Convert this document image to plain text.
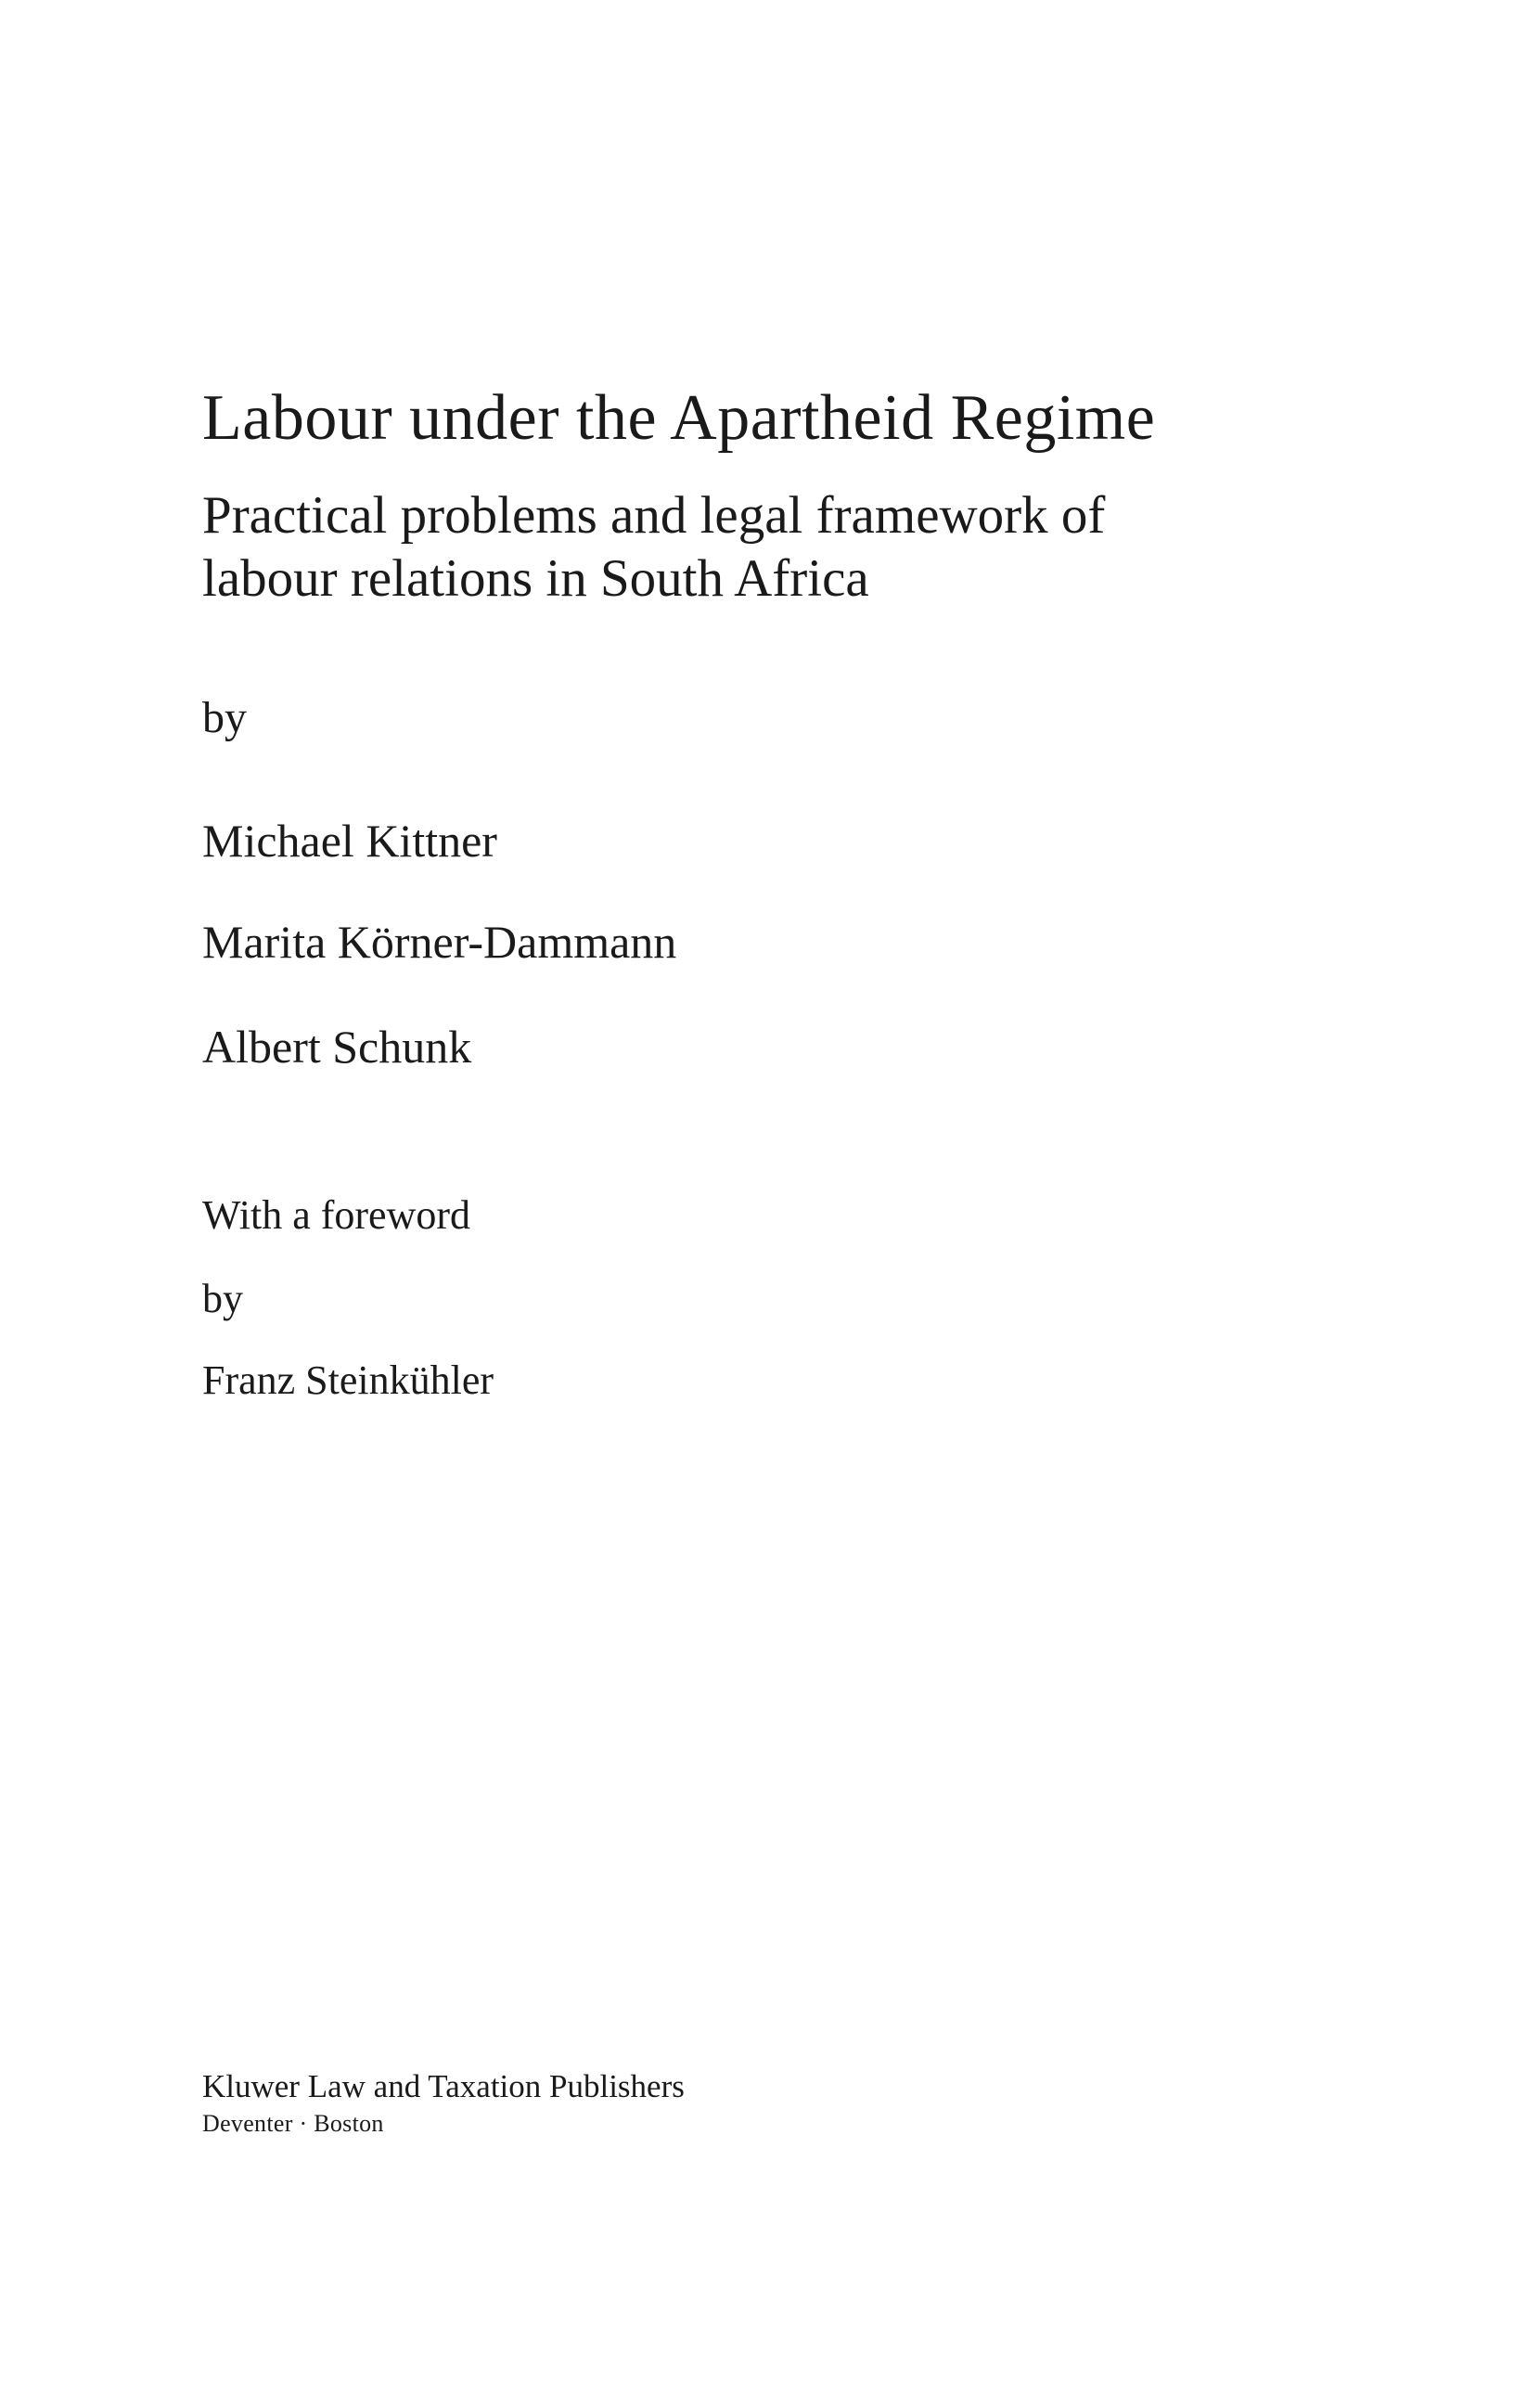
Labour under the Apartheid Regime
Practical problems and legal framework of
labour relations in South Africa

by

Michael Kittner

Marita Körner-Dammann

Albert Schunk

With a foreword

by

Franz Steinkühler

Kluwer Law and Taxation Publishers

Deventer · Boston
